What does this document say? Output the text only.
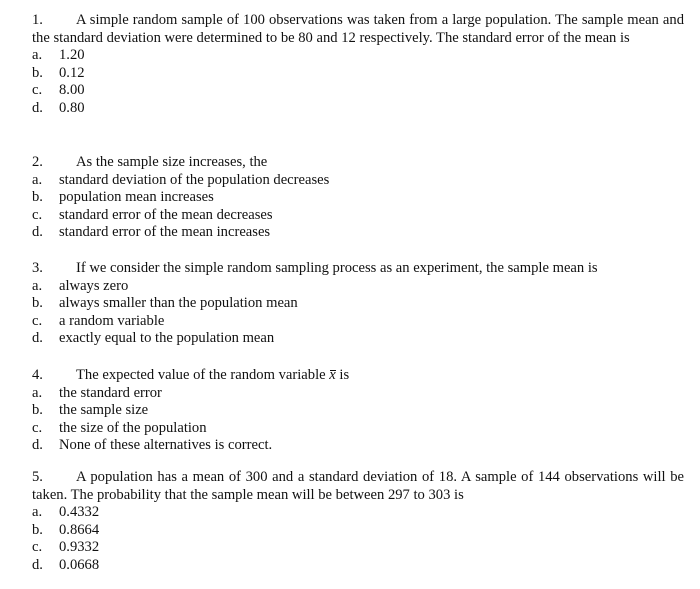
1. A simple random sample of 100 observations was taken from a large population. The sample mean and the standard deviation were determined to be 80 and 12 respectively. The standard error of the mean is

a.	1.20
b.	0.12
c.	8.00
d.	0.80

2. As the sample size increases, the

a.	standard deviation of the population decreases
b.	population mean increases
c.	standard error of the mean decreases
d.	standard error of the mean increases

3. If we consider the simple random sampling process as an experiment, the sample mean is

a.	always zero
b.	always smaller than the population mean
c.	a random variable
d.	exactly equal to the population mean

4. The expected value of the random variable x is

a.	the standard error
b.	the sample size
c.	the size of the population
d.	None of these alternatives is correct.

5. A population has a mean of 300 and a standard deviation of 18. A sample of 144 observations will be taken. The probability that the sample mean will be between 297 to 303 is

a.	0.4332
b.	0.8664
c.	0.9332
d.	0.0668
